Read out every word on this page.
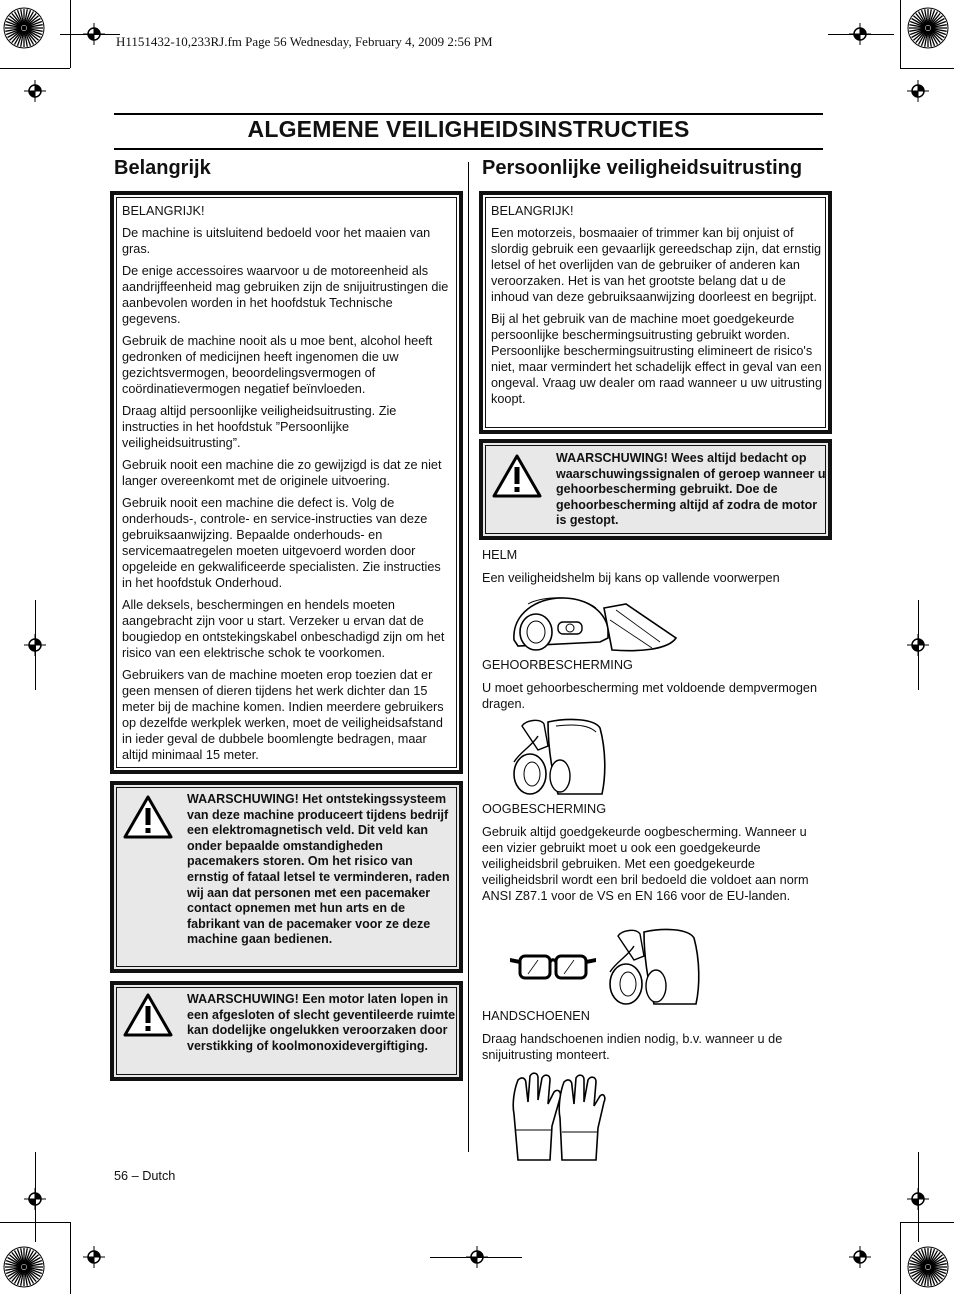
H1151432-10,233RJ.fm Page 56 Wednesday, February 4, 2009 2:56 PM
ALGEMENE VEILIGHEIDSINSTRUCTIES
Belangrijk

BELANGRIJK!

De machine is uitsluitend bedoeld voor het maaien van gras.

De enige accessoires waarvoor u de motoreenheid als aandrijffeenheid mag gebruiken zijn de snijuitrustingen die aanbevolen worden in het hoofdstuk Technische gegevens.

Gebruik de machine nooit als u moe bent, alcohol heeft gedronken of medicijnen heeft ingenomen die uw gezichtsvermogen, beoordelingsvermogen of coördinatievermogen negatief beïnvloeden.

Draag altijd persoonlijke veiligheidsuitrusting. Zie instructies in het hoofdstuk ”Persoonlijke veiligheidsuitrusting”.

Gebruik nooit een machine die zo gewijzigd is dat ze niet langer overeenkomt met de originele uitvoering.

Gebruik nooit een machine die defect is. Volg de onderhouds-, controle- en service-instructies van deze gebruiksaanwijzing. Bepaalde onderhouds- en servicemaatregelen moeten uitgevoerd worden door opgeleide en gekwalificeerde specialisten. Zie instructies in het hoofdstuk Onderhoud.

Alle deksels, beschermingen en hendels moeten aangebracht zijn voor u start. Verzeker u ervan dat de bougiedop en ontstekingskabel onbeschadigd zijn om het risico van een elektrische schok te voorkomen.

Gebruikers van de machine moeten erop toezien dat er geen mensen of dieren tijdens het werk dichter dan 15 meter bij de machine komen. Indien meerdere gebruikers op dezelfde werkplek werken, moet de veiligheidsafstand in ieder geval de dubbele boomlengte bedragen, maar altijd minimaal 15 meter.

WAARSCHUWING! Het ontstekingssysteem van deze machine produceert tijdens bedrijf een elektromagnetisch veld. Dit veld kan onder bepaalde omstandigheden pacemakers storen. Om het risico van ernstig of fataal letsel te verminderen, raden wij aan dat personen met een pacemaker contact opnemen met hun arts en de fabrikant van de pacemaker voor ze deze machine gaan bedienen.
WAARSCHUWING! Een motor laten lopen in een afgesloten of slecht geventileerde ruimte kan dodelijke ongelukken veroorzaken door verstikking of koolmonoxidevergiftiging.
Persoonlijke veiligheidsuitrusting

BELANGRIJK!

Een motorzeis, bosmaaier of trimmer kan bij onjuist of slordig gebruik een gevaarlijk gereedschap zijn, dat ernstig letsel of het overlijden van de gebruiker of anderen kan veroorzaken. Het is van het grootste belang dat u de inhoud van deze gebruiksaanwijzing doorleest en begrijpt.

Bij al het gebruik van de machine moet goedgekeurde persoonlijke beschermingsuitrusting gebruikt worden. Persoonlijke beschermingsuitrusting elimineert de risico's niet, maar vermindert het schadelijk effect in geval van een ongeval. Vraag uw dealer om raad wanneer u uw uitrusting koopt.

WAARSCHUWING! Wees altijd bedacht op waarschuwingssignalen of geroep wanneer u gehoorbescherming gebruikt. Doe de gehoorbescherming altijd af zodra de motor is gestopt.
HELM
Een veiligheidshelm bij kans op vallende voorwerpen
GEHOORBESCHERMING
U moet gehoorbescherming met voldoende dempvermogen dragen.
OOGBESCHERMING
Gebruik altijd goedgekeurde oogbescherming. Wanneer u een vizier gebruikt moet u ook een goedgekeurde veiligheidsbril gebruiken. Met een goedgekeurde veiligheidsbril wordt een bril bedoeld die voldoet aan norm ANSI Z87.1 voor de VS en EN 166 voor de EU-landen.
HANDSCHOENEN
Draag handschoenen indien nodig, b.v. wanneer u de snijuitrusting monteert.
56 – Dutch
